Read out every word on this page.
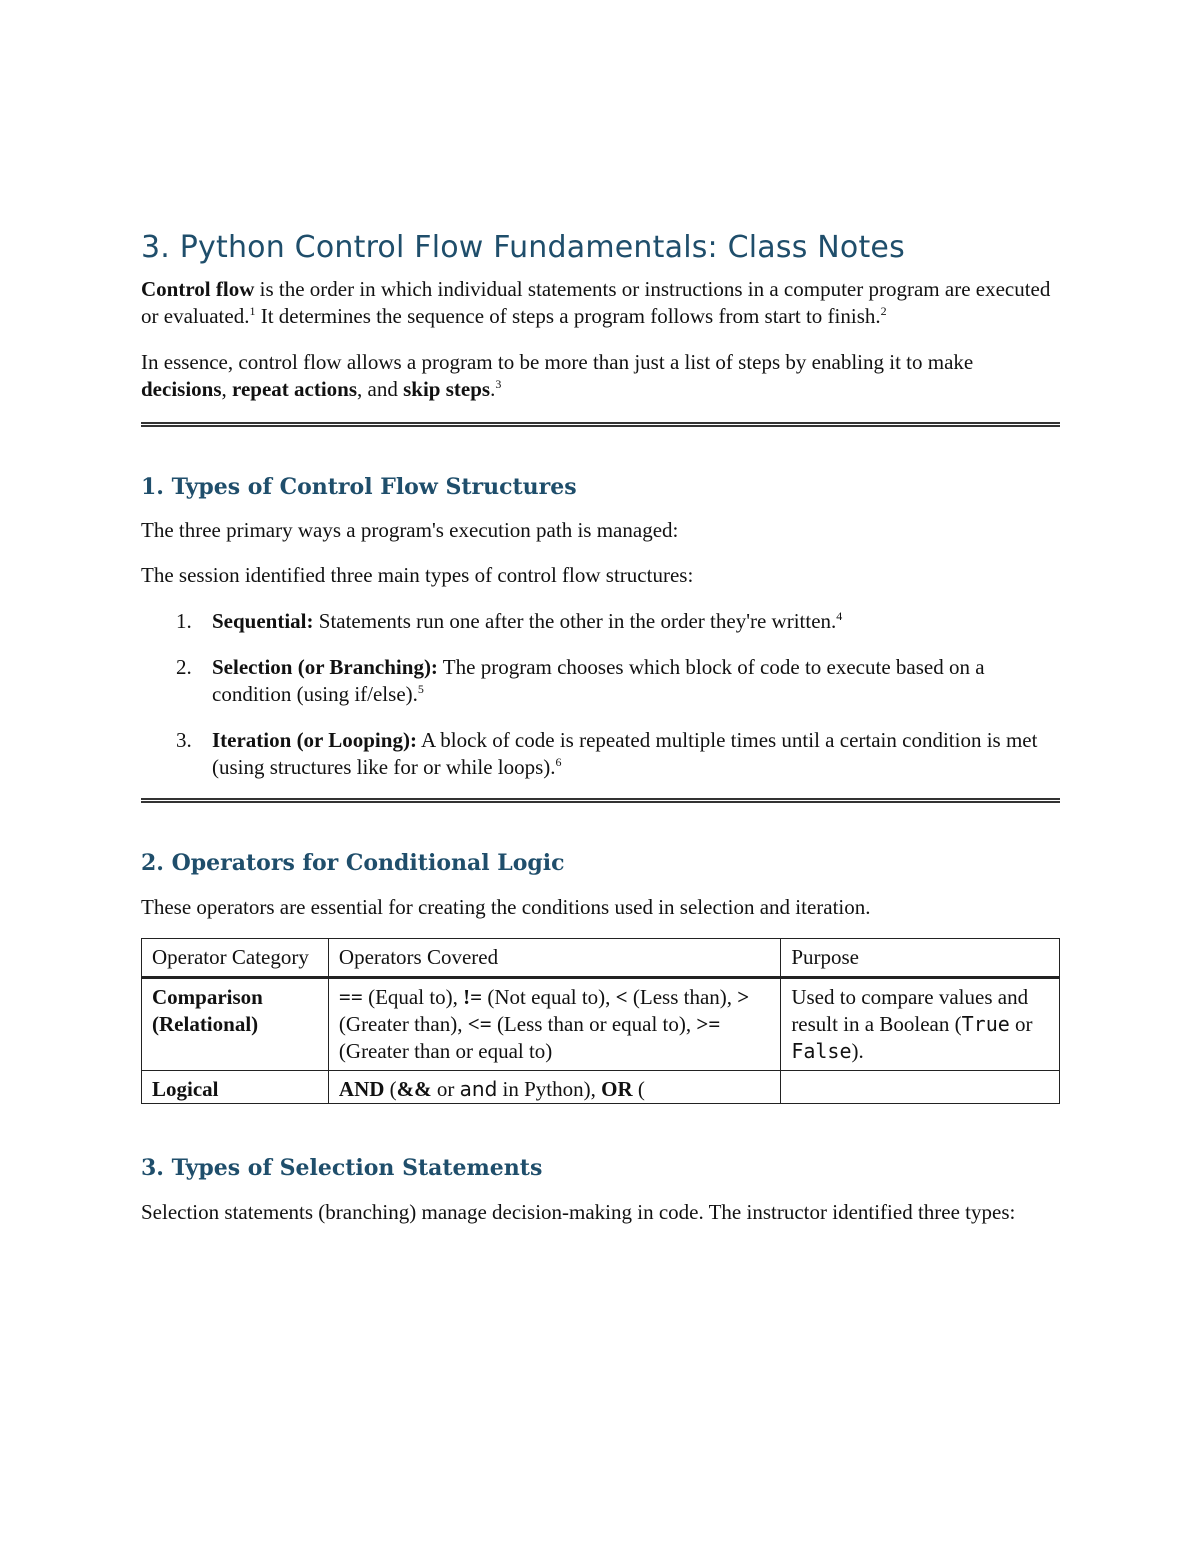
3. Python Control Flow Fundamentals: Class Notes

Control flow is the order in which individual statements or instructions in a computer program are executed or evaluated.$^1$ It determines the sequence of steps a program follows from start to finish.$^2$

In essence, control flow allows a program to be more than just a list of steps by enabling it to make decisions, repeat actions, and skip steps.$^3$

1. Types of Control Flow Structures

The three primary ways a program's execution path is managed:

The session identified three main types of control flow structures:

1. Sequential: Statements run one after the other in the order they're written.$^4$
2. Selection (or Branching): The program chooses which block of code to execute based on a condition (using if/else).$^5$
3. Iteration (or Looping): A block of code is repeated multiple times until a certain condition is met (using structures like for or while loops).$^6$
2. Operators for Conditional Logic

These operators are essential for creating the conditions used in selection and iteration.

Operator Category	Operators Covered	Purpose
Comparison (Relational)	== (Equal to), != (Not equal to), < (Less than), > (Greater than), <= (Less than or equal to), >= (Greater than or equal to)	Used to compare values and result in a Boolean (True or False).
Logical	AND (&& or and in Python), OR (	
3. Types of Selection Statements

Selection statements (branching) manage decision-making in code. The instructor identified three types:
